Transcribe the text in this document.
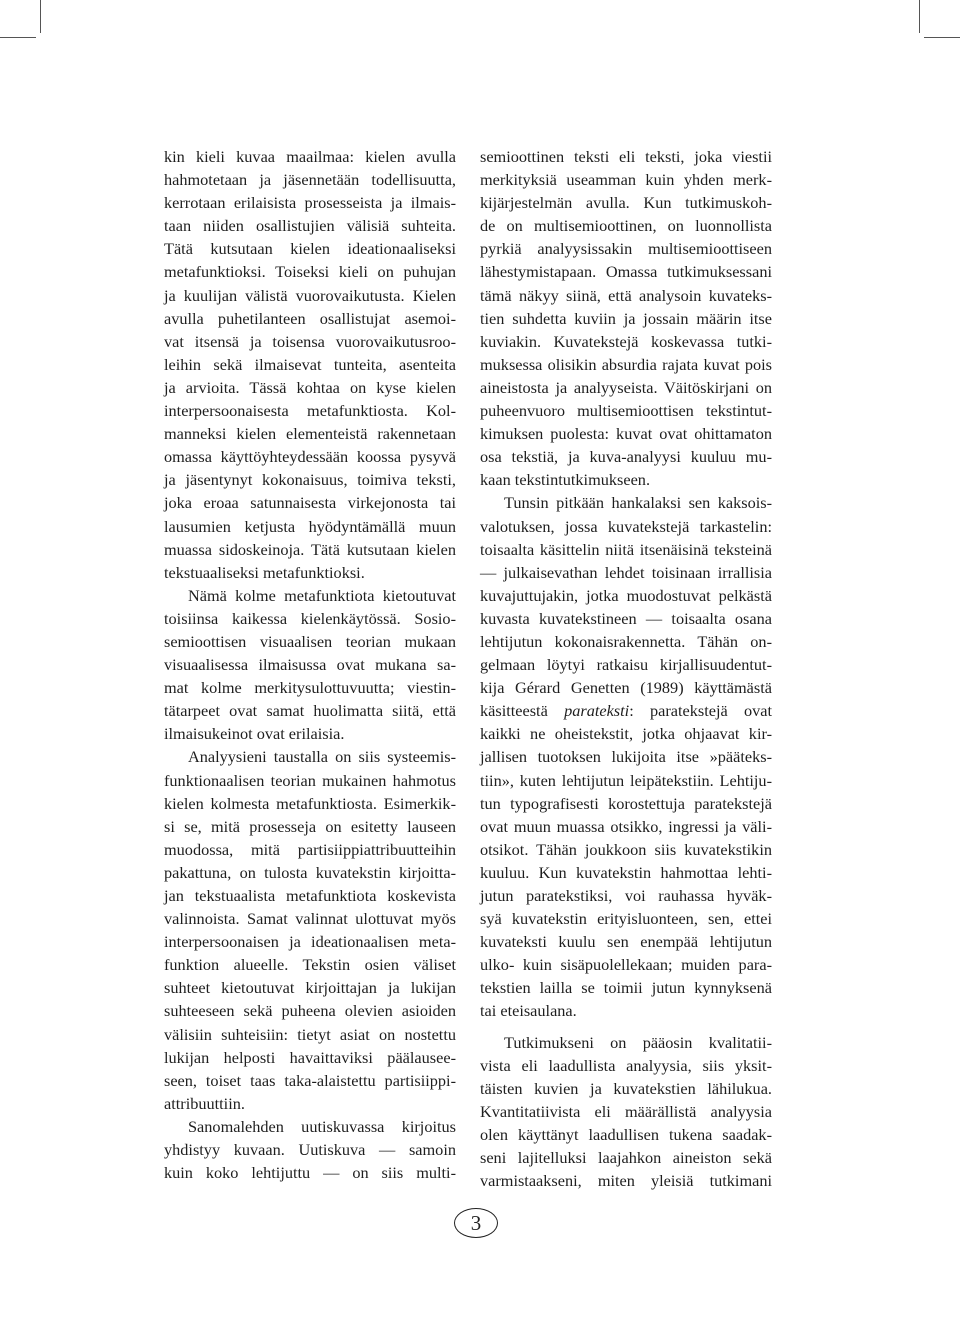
kin kieli kuvaa maailmaa: kielen avulla
hahmotetaan ja jäsennetään todellisuutta,
kerrotaan erilaisista prosesseista ja ilmais-
taan niiden osallistujien välisiä suhteita.
Tätä kutsutaan kielen ideationaaliseksi
metafunktioksi. Toiseksi kieli on puhujan
ja kuulijan välistä vuorovaikutusta. Kielen
avulla puhetilanteen osallistujat asemoi-
vat itsensä ja toisensa vuorovaikutusroo-
leihin sekä ilmaisevat tunteita, asenteita
ja arvioita. Tässä kohtaa on kyse kielen
interpersoonaisesta metafunktiosta. Kol-
manneksi kielen elementeistä rakennetaan
omassa käyttöyhteydessään koossa pysyvä
ja jäsentynyt kokonaisuus, toimiva teksti,
joka eroaa satunnaisesta virkejonosta tai
lausumien ketjusta hyödyntämällä muun
muassa sidoskeinoja. Tätä kutsutaan kielen
tekstuaaliseksi metafunktioksi.
Nämä kolme metafunktiota kietoutuvat
toisiinsa kaikessa kielenkäytössä. Sosio-
semioottisen visuaalisen teorian mukaan
visuaalisessa ilmaisussa ovat mukana sa-
mat kolme merkitysulottuvuutta; viestin-
tätarpeet ovat samat huolimatta siitä, että
ilmaisukeinot ovat erilaisia.
Analyysieni taustalla on siis systeemis-
funktionaalisen teorian mukainen hahmotus
kielen kolmesta metafunktiosta. Esimerkik-
si se, mitä prosesseja on esitetty lauseen
muodossa, mitä partisiippiattribuutteihin
pakattuna, on tulosta kuvatekstin kirjoitta-
jan tekstuaalista metafunktiota koskevista
valinnoista. Samat valinnat ulottuvat myös
interpersoonaisen ja ideationaalisen meta-
funktion alueelle. Tekstin osien väliset
suhteet kietoutuvat kirjoittajan ja lukijan
suhteeseen sekä puheena olevien asioiden
välisiin suhteisiin: tietyt asiat on nostettu
lukijan helposti havaittaviksi päälausee-
seen, toiset taas taka-alaistettu partisiippi-
attribuuttiin.
Sanomalehden uutiskuvassa kirjoitus
yhdistyy kuvaan. Uutiskuva — samoin
kuin koko lehtijuttu — on siis multi-
semioottinen teksti eli teksti, joka viestii
merkityksiä useamman kuin yhden merk-
kijärjestelmän avulla. Kun tutkimuskoh-
de on multisemioottinen, on luonnollista
pyrkiä analyysissakin multisemioottiseen
lähestymistapaan. Omassa tutkimuksessani
tämä näkyy siinä, että analysoin kuvateks-
tien suhdetta kuviin ja jossain määrin itse
kuviakin. Kuvatekstejä koskevassa tutki-
muksessa olisikin absurdia rajata kuvat pois
aineistosta ja analyyseista. Väitöskirjani on
puheenvuoro multisemioottisen tekstintut-
kimuksen puolesta: kuvat ovat ohittamaton
osa tekstiä, ja kuva-analyysi kuuluu mu-
kaan tekstintutkimukseen.
Tunsin pitkään hankalaksi sen kaksois-
valotuksen, jossa kuvatekstejä tarkastelin:
toisaalta käsittelin niitä itsenäisinä teksteinä
— julkaisevathan lehdet toisinaan irrallisia
kuvajuttujakin, jotka muodostuvat pelkästä
kuvasta kuvatekstineen — toisaalta osana
lehtijutun kokonaisrakennetta. Tähän on-
gelmaan löytyi ratkaisu kirjallisuudentut-
kija Gérard Genetten (1989) käyttämästä
käsitteestä parateksti: paratekstejä ovat
kaikki ne oheistekstit, jotka ohjaavat kir-
jallisen tuotoksen lukijoita itse »pääteks-
tiin», kuten lehtijutun leipätekstiin. Lehtiju-
tun typografisesti korostettuja paratekstejä
ovat muun muassa otsikko, ingressi ja väli-
otsikot. Tähän joukkoon siis kuvatekstikin
kuuluu. Kun kuvatekstin hahmottaa lehti-
jutun paratekstiksi, voi rauhassa hyväk-
syä kuvatekstin erityisluonteen, sen, ettei
kuvateksti kuulu sen enempää lehtijutun
ulko- kuin sisäpuolellekaan; muiden para-
tekstien lailla se toimii jutun kynnyksenä
tai eteisaulana.
Tutkimukseni on pääosin kvalitatii-
vista eli laadullista analyysia, siis yksit-
täisten kuvien ja kuvatekstien lähilukua.
Kvantitatiivista eli määrällistä analyysia
olen käyttänyt laadullisen tukena saadak-
seni lajitelluksi laajahkon aineiston sekä
varmistaakseni, miten yleisiä tutkimani
3
